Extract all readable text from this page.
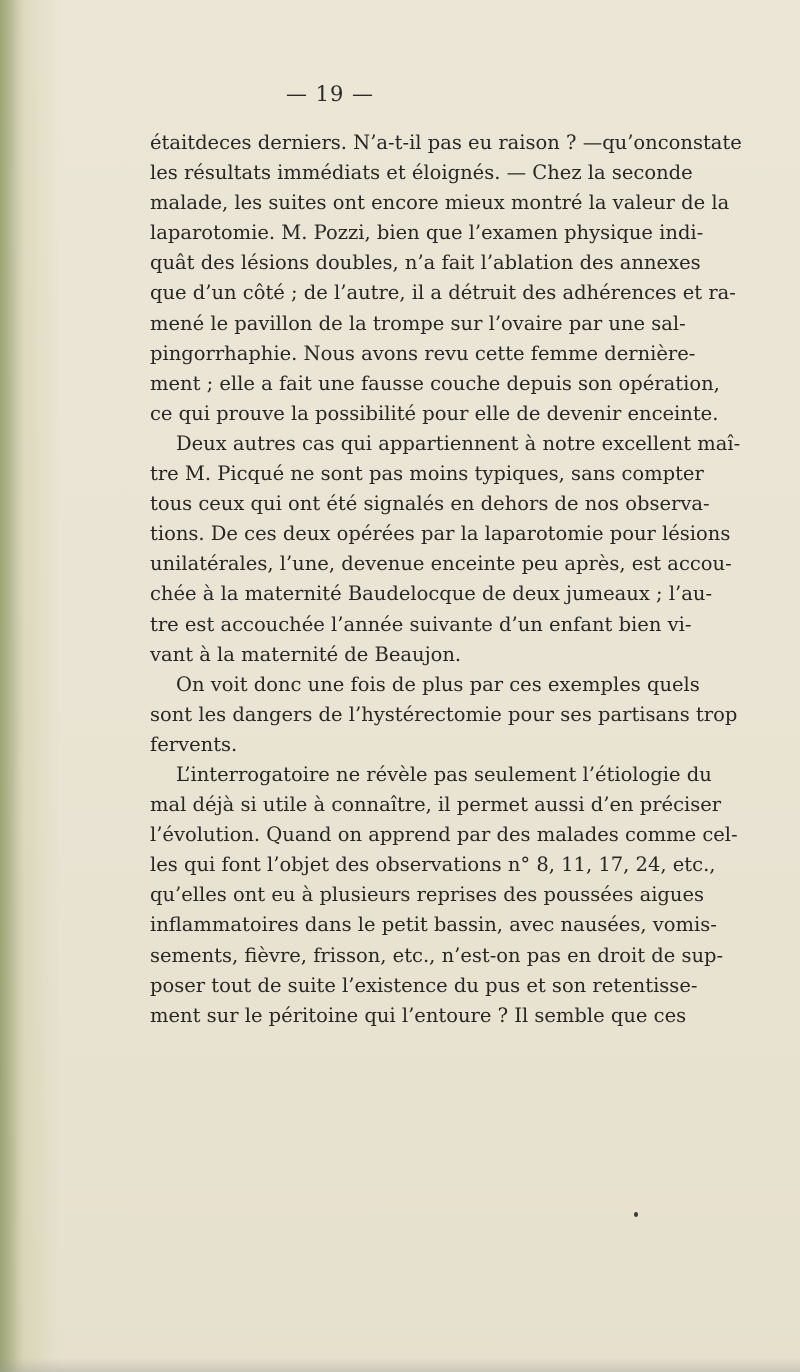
— 19 —
étaitdeces derniers. N’a-t-il pas eu raison ? —qu’onconstate
les résultats immédiats et éloignés. — Chez la seconde
malade, les suites ont encore mieux montré la valeur de la
laparotomie. M. Pozzi, bien que l’examen physique indi-
quât des lésions doubles, n’a fait l’ablation des annexes
que d’un côté ; de l’autre, il a détruit des adhérences et ra-
mené le pavillon de la trompe sur l’ovaire par une sal-
pingorrhaphie. Nous avons revu cette femme dernière-
ment ; elle a fait une fausse couche depuis son opération,
ce qui prouve la possibilité pour elle de devenir enceinte.
Deux autres cas qui appartiennent à notre excellent maî-
tre M. Picqué ne sont pas moins typiques, sans compter
tous ceux qui ont été signalés en dehors de nos observa-
tions. De ces deux opérées par la laparotomie pour lésions
unilatérales, l’une, devenue enceinte peu après, est accou-
chée à la maternité Baudelocque de deux jumeaux ; l’au-
tre est accouchée l’année suivante d’un enfant bien vi-
vant à la maternité de Beaujon.
On voit donc une fois de plus par ces exemples quels
sont les dangers de l’hystérectomie pour ses partisans trop
fervents.
L’interrogatoire ne révèle pas seulement l’étiologie du
mal déjà si utile à connaître, il permet aussi d’en préciser
l’évolution. Quand on apprend par des malades comme cel-
les qui font l’objet des observations n° 8, 11, 17, 24, etc.,
qu’elles ont eu à plusieurs reprises des poussées aigues
inflammatoires dans le petit bassin, avec nausées, vomis-
sements, fièvre, frisson, etc., n’est-on pas en droit de sup-
poser tout de suite l’existence du pus et son retentisse-
ment sur le péritoine qui l’entoure ? Il semble que ces
